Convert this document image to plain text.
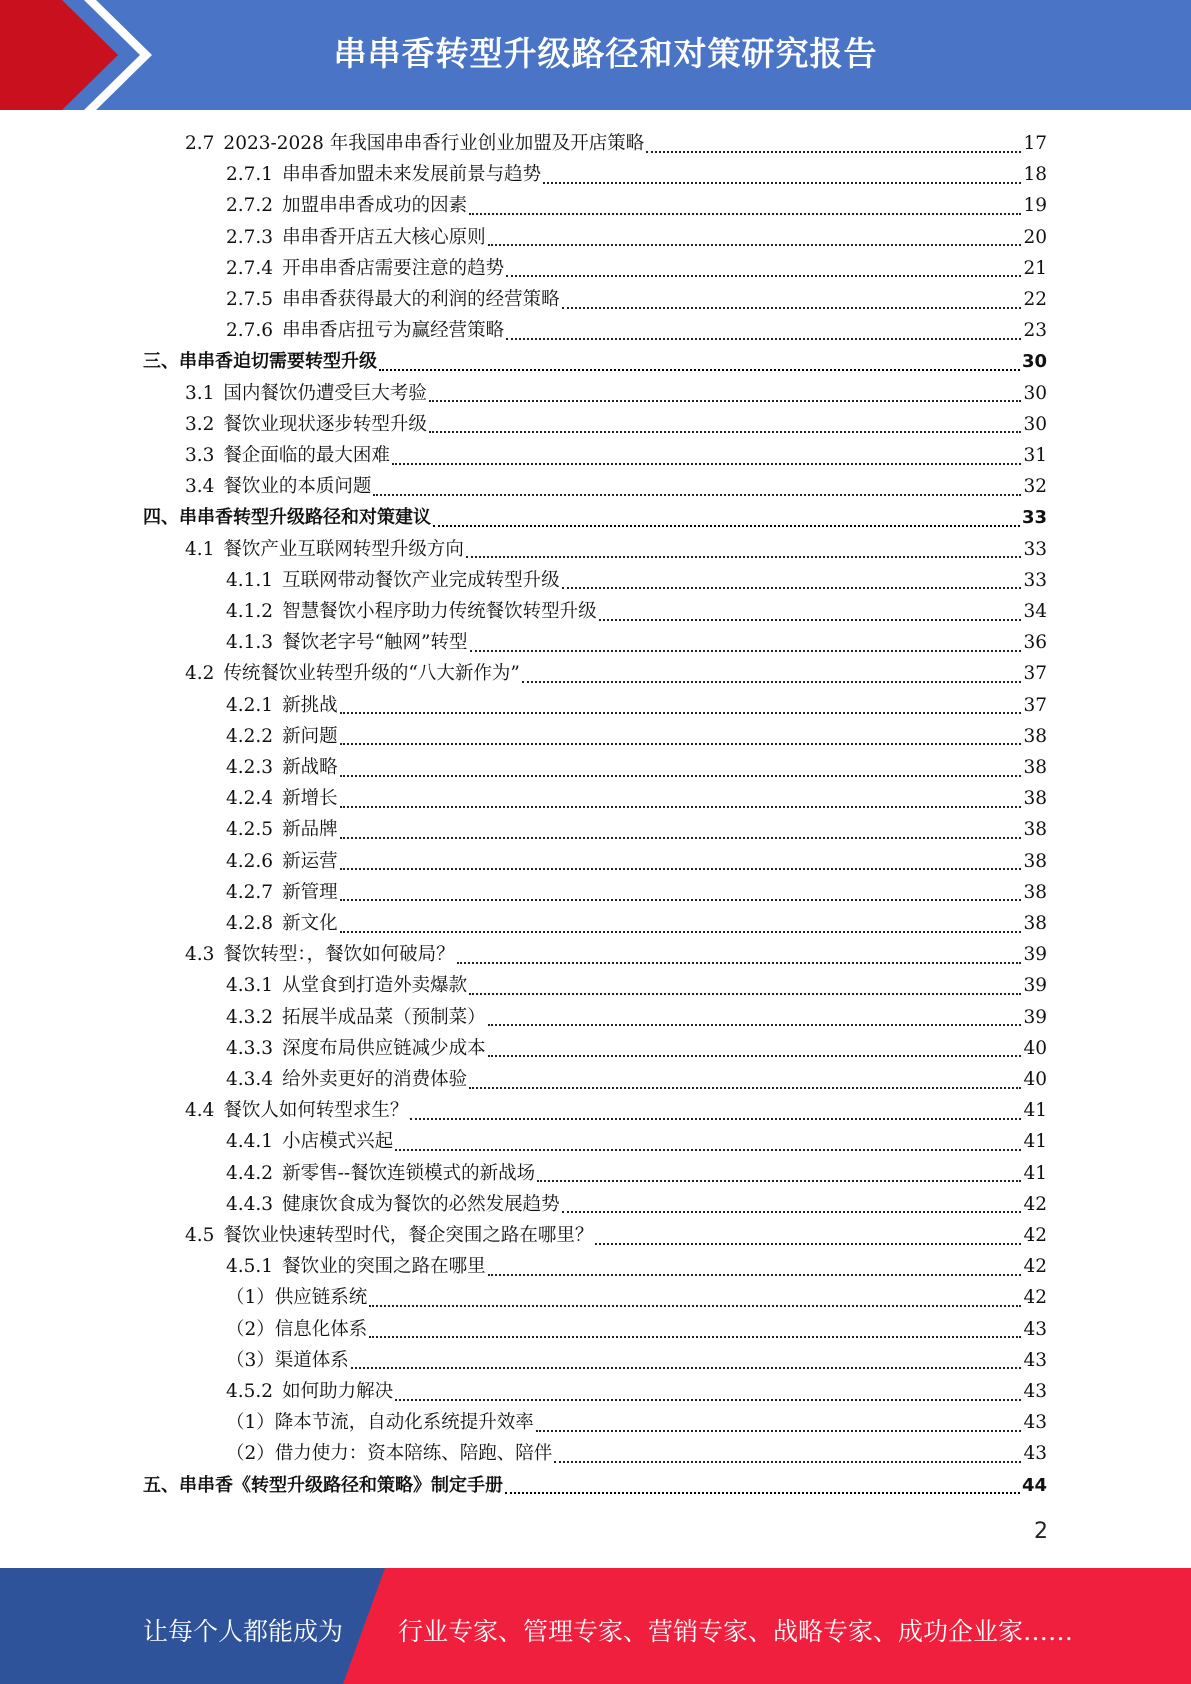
串串香转型升级路径和对策研究报告
2.7 2023-2028 年我国串串香行业创业加盟及开店策略	17
2.7.1 串串香加盟未来发展前景与趋势	18
2.7.2 加盟串串香成功的因素	19
2.7.3 串串香开店五大核心原则	20
2.7.4 开串串香店需要注意的趋势	21
2.7.5 串串香获得最大的利润的经营策略	22
2.7.6 串串香店扭亏为赢经营策略	23
三、串串香迫切需要转型升级	30
3.1 国内餐饮仍遭受巨大考验	30
3.2 餐饮业现状逐步转型升级	30
3.3 餐企面临的最大困难	31
3.4 餐饮业的本质问题	32
四、串串香转型升级路径和对策建议	33
4.1 餐饮产业互联网转型升级方向	33
4.1.1 互联网带动餐饮产业完成转型升级	33
4.1.2 智慧餐饮小程序助力传统餐饮转型升级	34
4.1.3 餐饮老字号“触网”转型	36
4.2 传统餐饮业转型升级的“八大新作为”	37
4.2.1 新挑战	37
4.2.2 新问题	38
4.2.3 新战略	38
4.2.4 新增长	38
4.2.5 新品牌	38
4.2.6 新运营	38
4.2.7 新管理	38
4.2.8 新文化	38
4.3 餐饮转型：，餐饮如何破局？	39
4.3.1 从堂食到打造外卖爆款	39
4.3.2 拓展半成品菜（预制菜）	39
4.3.3 深度布局供应链减少成本	40
4.3.4 给外卖更好的消费体验	40
4.4 餐饮人如何转型求生？	41
4.4.1 小店模式兴起	41
4.4.2 新零售--餐饮连锁模式的新战场	41
4.4.3 健康饮食成为餐饮的必然发展趋势	42
4.5 餐饮业快速转型时代，餐企突围之路在哪里？	42
4.5.1 餐饮业的突围之路在哪里	42
（1）供应链系统	42
（2）信息化体系	43
（3）渠道体系	43
4.5.2 如何助力解决	43
（1）降本节流，自动化系统提升效率	43
（2）借力使力：资本陪练、陪跑、陪伴	43
五、串串香《转型升级路径和策略》制定手册	44
2
让每个人都能成为 行业专家、管理专家、营销专家、战略专家、成功企业家……
